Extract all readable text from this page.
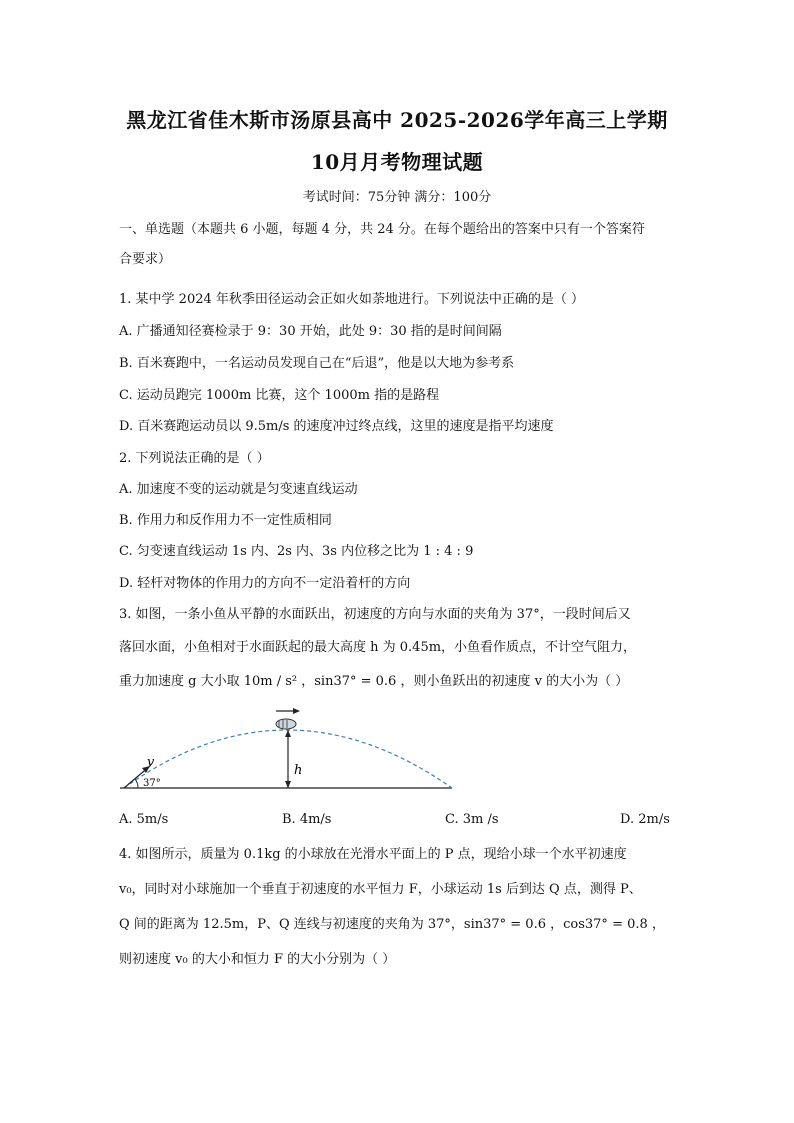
黑龙江省佳木斯市汤原县高中 2025-2026学年高三上学期
10月月考物理试题
考试时间：75分钟 满分：100分
一、单选题（本题共 6 小题，每题 4 分，共 24 分。在每个题给出的答案中只有一个答案符
合要求）
1. 某中学 2024 年秋季田径运动会正如火如荼地进行。下列说法中正确的是（ ）
A. 广播通知径赛检录于 9：30 开始，此处 9：30 指的是时间间隔
B. 百米赛跑中，一名运动员发现自己在“后退”，他是以大地为参考系
C. 运动员跑完 1000m 比赛，这个 1000m 指的是路程
D. 百米赛跑运动员以 9.5m/s 的速度冲过终点线，这里的速度是指平均速度
2. 下列说法正确的是（ ）
A. 加速度不变的运动就是匀变速直线运动
B. 作用力和反作用力不一定性质相同
C. 匀变速直线运动 1s 内、2s 内、3s 内位移之比为 1 : 4 : 9
D. 轻杆对物体的作用力的方向不一定沿着杆的方向
3. 如图，一条小鱼从平静的水面跃出，初速度的方向与水面的夹角为 37°，一段时间后又
落回水面，小鱼相对于水面跃起的最大高度 h 为 0.45m，小鱼看作质点，不计空气阻力，
重力加速度 g 大小取 10m / s² ，sin37° = 0.6 ，则小鱼跃出的初速度 v 的大小为（ ）
v
h
37°
A. 5m/s	B. 4m/s	C. 3m /s	D. 2m/s
4. 如图所示，质量为 0.1kg 的小球放在光滑水平面上的 P 点，现给小球一个水平初速度
v₀，同时对小球施加一个垂直于初速度的水平恒力 F，小球运动 1s 后到达 Q 点，测得 P、
Q 间的距离为 12.5m，P、Q 连线与初速度的夹角为 37°，sin37° = 0.6 ，cos37° = 0.8 ，
则初速度 v₀ 的大小和恒力 F 的大小分别为（ ）
